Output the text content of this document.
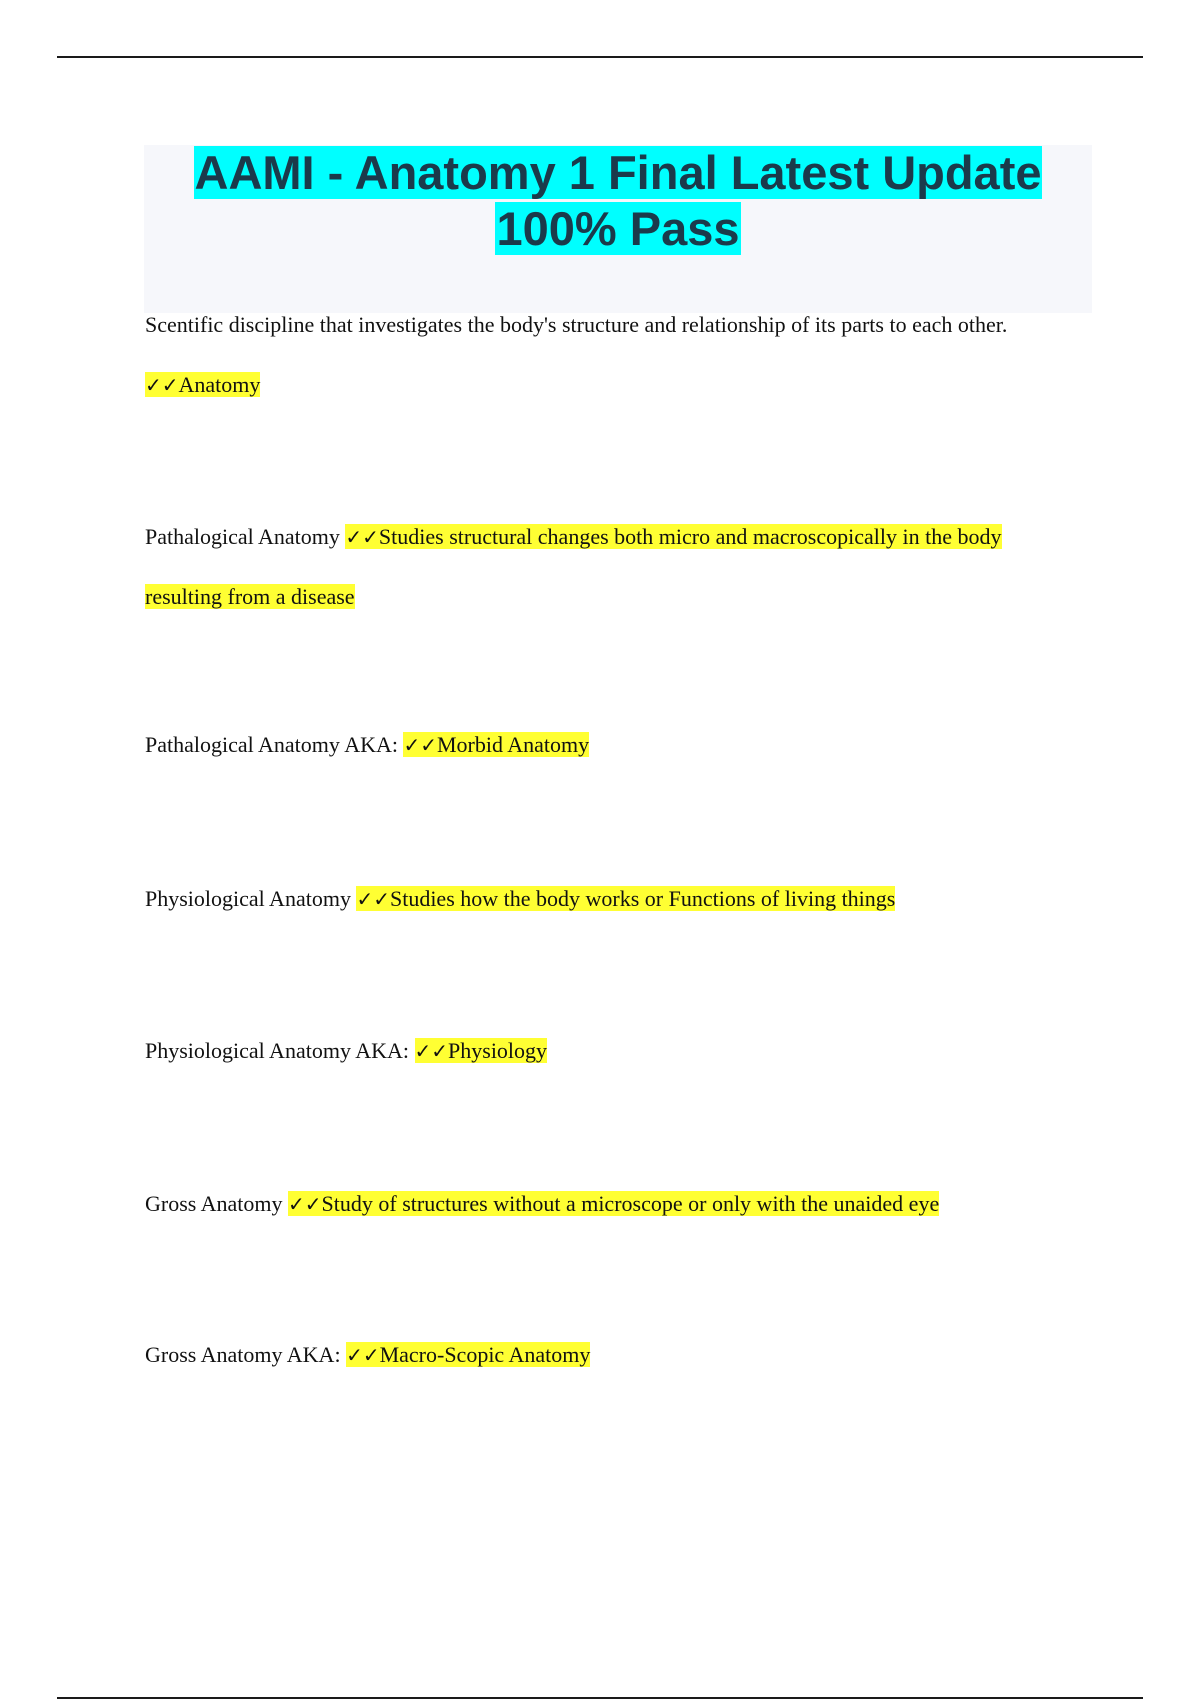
AAMI - Anatomy 1 Final Latest Update
100% Pass

Scentific discipline that investigates the body's structure and relationship of its parts to each other. ✓✓Anatomy

Pathalogical Anatomy ✓✓Studies structural changes both micro and macroscopically in the body resulting from a disease

Pathalogical Anatomy AKA: ✓✓Morbid Anatomy

Physiological Anatomy ✓✓Studies how the body works or Functions of living things

Physiological Anatomy AKA: ✓✓Physiology

Gross Anatomy ✓✓Study of structures without a microscope or only with the unaided eye

Gross Anatomy AKA: ✓✓Macro-Scopic Anatomy
